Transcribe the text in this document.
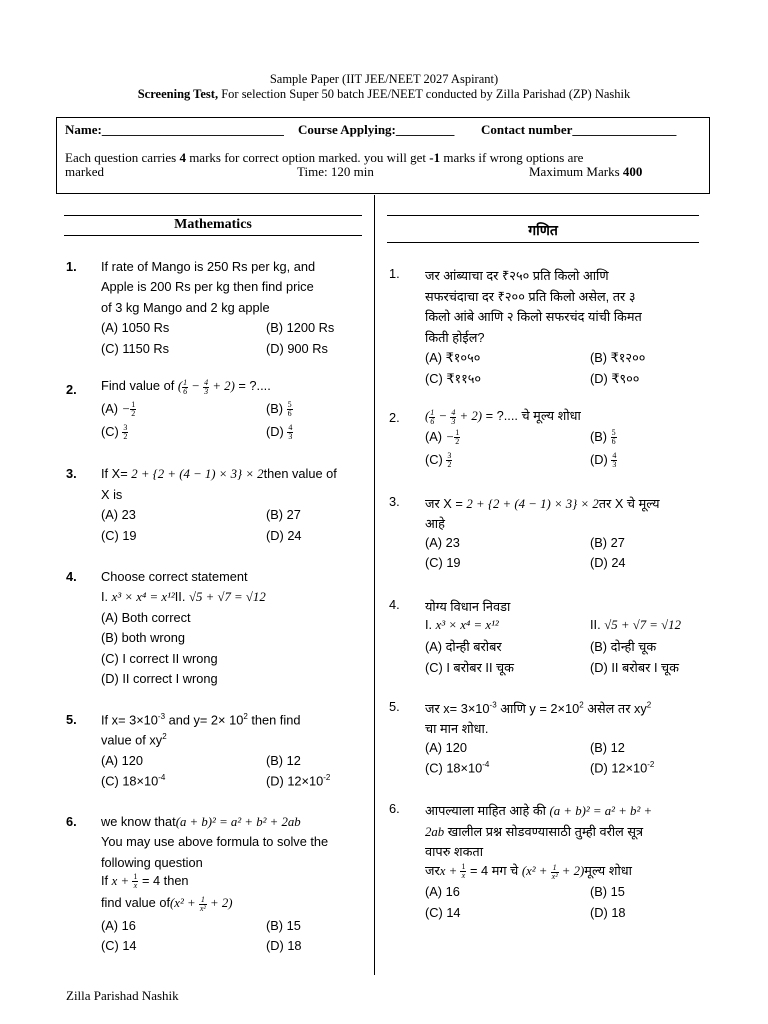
Sample Paper (IIT JEE/NEET 2027 Aspirant)
Screening Test, For selection Super 50 batch JEE/NEET conducted by Zilla Parishad (ZP) Nashik
Name:____________________________ Course Applying:_________ Contact number________________
Each question carries 4 marks for correct option marked. you will get -1 marks if wrong options are
marked	Time: 120 min	Maximum Marks 400
Mathematics
1. If rate of Mango is 250 Rs per kg, and
Apple is 200 Rs per kg then find price
of 3 kg Mango and 2 kg apple
(A) 1050 Rs	(B) 1200 Rs
(C) 1150 Rs	(D) 900 Rs
2. Find value of ( $\frac{1}{6} - \frac{4}{3} + 2$) = ?....
$(A) - \frac{1}{2}$	$(B) \frac{5}{6}$
$(C) \frac{3}{2}$	$(D) \frac{4}{3}$
3. If X= 2 + {2 + (4 − 1) × 3} × 2then value of
X is
(A) 23	(B) 27
(C) 19	(D) 24
4. Choose correct statement
I. x³ × x⁴ = x¹²II. √5 + √7 = √12
(A) Both correct
(B) both wrong
(C) I correct II wrong
(D) II correct I wrong
5. If $x= 3\times 10^{-3}$ and $y= 2\times 10^2$ then find
value of $xy^2$
(A) 120	(B) 12
(C) $18\times 10^{-4}$	(D) $12\times 10^{-2}$
6. we know that(a + b)² = a² + b² + 2ab
You may use above formula to solve the
following question
If $x + \frac{1}{x} = 4$ then
find value $of(x^2 + \frac{1}{\text{x²}} + 2)$
(A) 16	(B) 15
(C) 14	(D) 18
गणित
1. जर आंब्याचा दर ₹२५० प्रति किलो आणि
सफरचंदाचा दर ₹२०० प्रति किलो असेल, तर ३
किलो आंबे आणि २ किलो सफरचंद यांची किमत
किती होईल?
(A) ₹१०५०	(B) ₹१२००
(C) ₹११५०	(D) ₹९००
2. ( $\frac{1}{6} - \frac{4}{3} + 2$) = ?.... चे मूल्य शोधा
$(A) - \frac{1}{2}$	$(B) \frac{5}{6}$
$(C) \frac{3}{2}$	$(D) \frac{4}{3}$
3. जर X = 2 + {2 + (4 − 1) × 3} × 2तर X चे मूल्य
आहे
(A) 23	(B) 27
(C) 19	(D) 24
4. योग्य विधान निवडा
I. x³ × x⁴ = x¹²	II. √5 + √7 = √12
(A) दोन्ही बरोबर	(B) दोन्ही चूक
(C) I बरोबर II चूक	(D) II बरोबर I चूक
5. जर $x= 3\times 10^{-3}$ आणि $y = 2\times 10^2$ असेल तर $xy^2$
चा मान शोधा.
(A) 120	(B) 12
(C) $18\times 10^{-4}$	(D) $12\times 10^{-2}$
6. आपल्याला माहित आहे की (a + b)² = a² + b² +
2ab खालील प्रश्न सोडवण्यासाठी तुम्ही वरील सूत्र
वापरु शकता
जरx + $\frac{1}{x} = 4$ मग चे ($x^2 + \frac{1}{\text{x²}}$ + 2)मूल्य शोधा
(A) 16	(B) 15
(C) 14	(D) 18
Zilla Parishad Nashik
